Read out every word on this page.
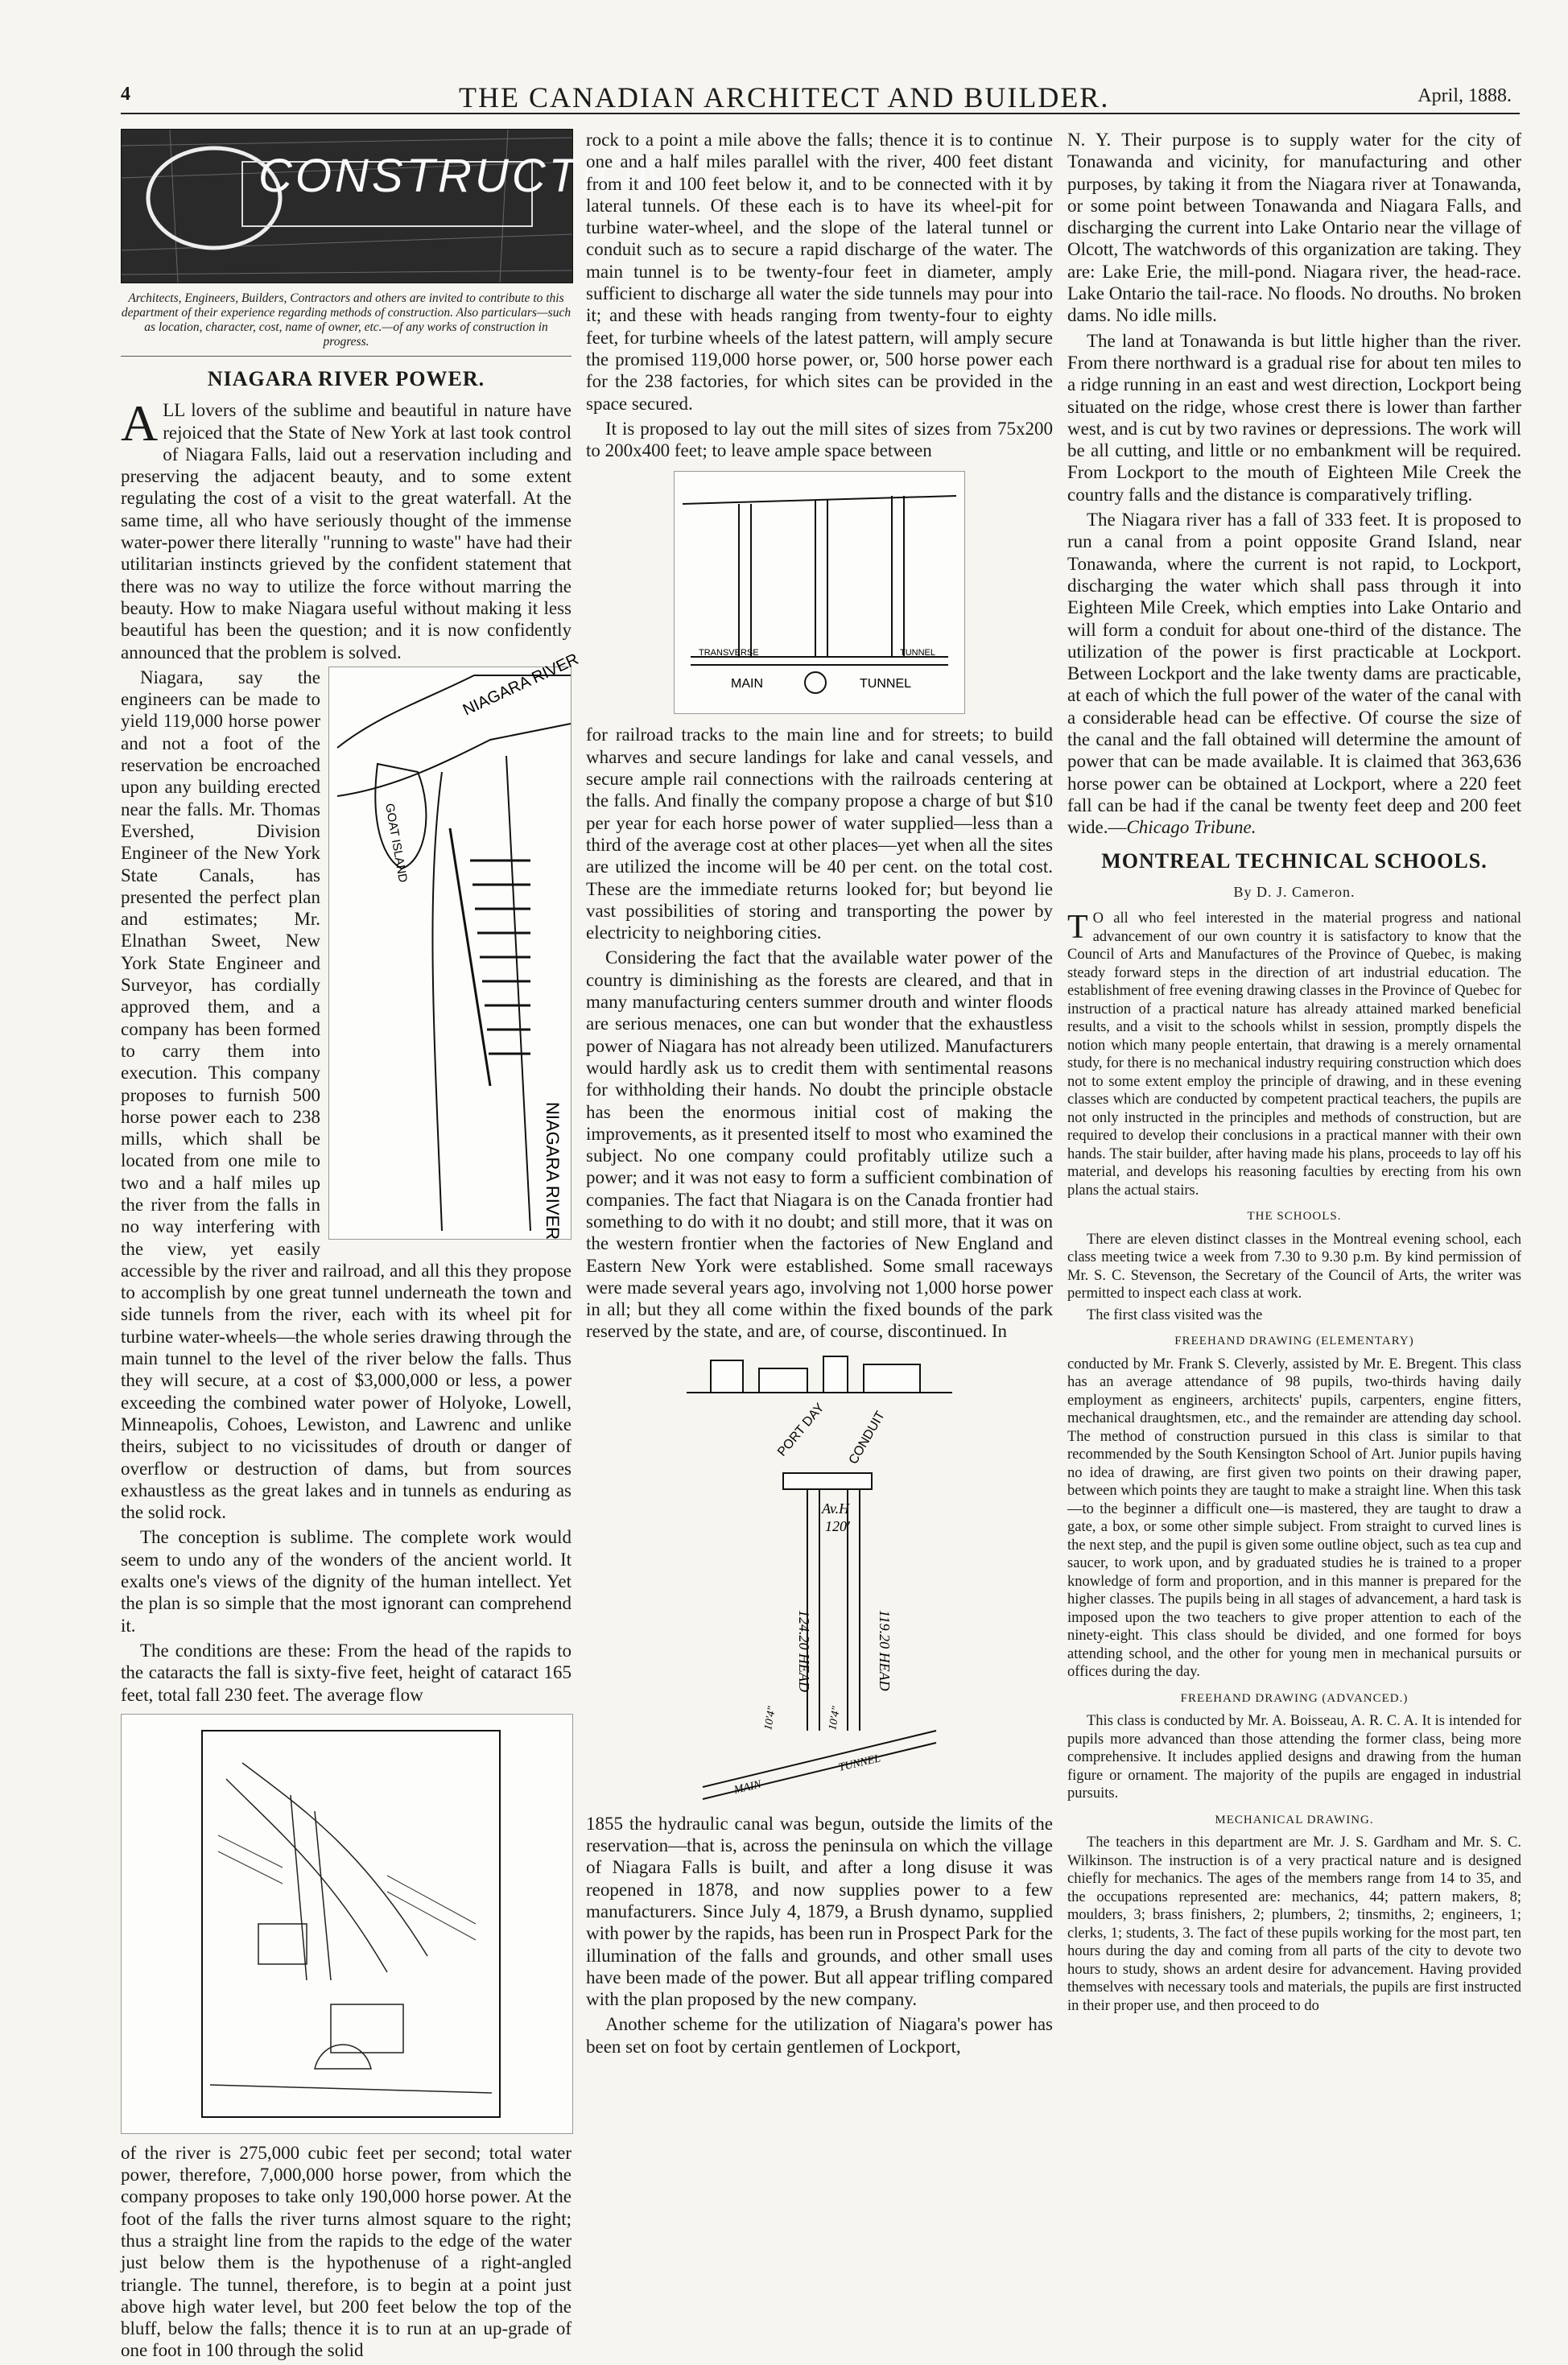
4	THE CANADIAN ARCHITECT AND BUILDER.	April, 1888.
CONSTRUCTION
Architects, Engineers, Builders, Contractors and others are invited to contribute to this department of their experience regarding methods of construction. Also particulars—such as location, character, cost, name of owner, etc.—of any works of construction in progress.
NIAGARA RIVER POWER.

ALL lovers of the sublime and beautiful in nature have rejoiced that the State of New York at last took control of Niagara Falls, laid out a reservation including and preserving the adjacent beauty, and to some extent regulating the cost of a visit to the great waterfall. At the same time, all who have seriously thought of the immense water-power there literally "running to waste" have had their utilitarian instincts grieved by the confident statement that there was no way to utilize the force without marring the beauty. How to make Niagara useful without making it less beautiful has been the question; and it is now confidently announced that the problem is solved.	NIAGARA RIVER
GOAT ISLAND
NIAGARA RIVER

Niagara, say the engineers can be made to yield 119,000 horse power and not a foot of the reservation be encroached upon any building erected near the falls. Mr. Thomas Evershed, Division Engineer of the New York State Canals, has presented the perfect plan and estimates; Mr. Elnathan Sweet, New York State Engineer and Surveyor, has cordially approved them, and a company has been formed to carry them into execution. This company proposes to furnish 500 horse power each to 238 mills, which shall be located from one mile to two and a half miles up the river from the falls in no way interfering with the view, yet easily accessible by the river and railroad, and all this they propose to accomplish by one great tunnel underneath the town and side tunnels from the river, each with its wheel pit for turbine water-wheels—the whole series drawing through the main tunnel to the level of the river below the falls. Thus they will secure, at a cost of $3,000,000 or less, a power exceeding the combined water power of Holyoke, Lowell, Minneapolis, Cohoes, Lewiston, and Lawrenc and unlike theirs, subject to no vicissitudes of drouth or danger of overflow or destruction of dams, but from sources exhaustless as the great lakes and in tunnels as enduring as the solid rock.

The conception is sublime. The complete work would seem to undo any of the wonders of the ancient world. It exalts one's views of the dignity of the human intellect. Yet the plan is so simple that the most ignorant can comprehend it.

The conditions are these: From the head of the rapids to the cataracts the fall is sixty-five feet, height of cataract 165 feet, total fall 230 feet. The average flow

of the river is 275,000 cubic feet per second; total water power, therefore, 7,000,000 horse power, from which the company proposes to take only 190,000 horse power. At the foot of the falls the river turns almost square to the right; thus a straight line from the rapids to the edge of the water just below them is the hypothenuse of a right-angled triangle. The tunnel, therefore, is to begin at a point just above high water level, but 200 feet below the top of the bluff, below the falls; thence it is to run at an up-grade of one foot in 100 through the solid

rock to a point a mile above the falls; thence it is to continue one and a half miles parallel with the river, 400 feet distant from it and 100 feet below it, and to be connected with it by lateral tunnels. Of these each is to have its wheel-pit for turbine water-wheel, and the slope of the lateral tunnel or conduit such as to secure a rapid discharge of the water. The main tunnel is to be twenty-four feet in diameter, amply sufficient to discharge all water the side tunnels may pour into it; and these with heads ranging from twenty-four to eighty feet, for turbine wheels of the latest pattern, will amply secure the promised 119,000 horse power, or, 500 horse power each for the 238 factories, for which sites can be provided in the space secured.

It is proposed to lay out the mill sites of sizes from 75x200 to 200x400 feet; to leave ample space between

TRANSVERSE	TUNNEL
MAIN	TUNNEL

for railroad tracks to the main line and for streets; to build wharves and secure landings for lake and canal vessels, and secure ample rail connections with the railroads centering at the falls. And finally the company propose a charge of but $10 per year for each horse power of water supplied—less than a third of the average cost at other places—yet when all the sites are utilized the income will be 40 per cent. on the total cost. These are the immediate returns looked for; but beyond lie vast possibilities of storing and transporting the power by electricity to neighboring cities.

Considering the fact that the available water power of the country is diminishing as the forests are cleared, and that in many manufacturing centers summer drouth and winter floods are serious menaces, one can but wonder that the exhaustless power of Niagara has not already been utilized. Manufacturers would hardly ask us to credit them with sentimental reasons for withholding their hands. No doubt the principle obstacle has been the enormous initial cost of making the improvements, as it presented itself to most who examined the subject. No one company could profitably utilize such a power; and it was not easy to form a sufficient combination of companies. The fact that Niagara is on the Canada frontier had something to do with it no doubt; and still more, that it was on the western frontier when the factories of New England and Eastern New York were established. Some small raceways were made several years ago, involving not 1,000 horse power in all; but they all come within the fixed bounds of the park reserved by the state, and are, of course, discontinued. In

PORT DAY CONDUIT
Av.H
120'
124.20 HEAD	119.20 HEAD
10'4"	10'4"
MAIN
TUNNEL

1855 the hydraulic canal was begun, outside the limits of the reservation—that is, across the peninsula on which the village of Niagara Falls is built, and after a long disuse it was reopened in 1878, and now supplies power to a few manufacturers. Since July 4, 1879, a Brush dynamo, supplied with power by the rapids, has been run in Prospect Park for the illumination of the falls and grounds, and other small uses have been made of the power. But all appear trifling compared with the plan proposed by the new company.

Another scheme for the utilization of Niagara's power has been set on foot by certain gentlemen of Lockport,

N. Y. Their purpose is to supply water for the city of Tonawanda and vicinity, for manufacturing and other purposes, by taking it from the Niagara river at Tonawanda, or some point between Tonawanda and Niagara Falls, and discharging the current into Lake Ontario near the village of Olcott, The watchwords of this organization are taking. They are: Lake Erie, the mill-pond. Niagara river, the head-race. Lake Ontario the tail-race. No floods. No drouths. No broken dams. No idle mills.

The land at Tonawanda is but little higher than the river. From there northward is a gradual rise for about ten miles to a ridge running in an east and west direction, Lockport being situated on the ridge, whose crest there is lower than farther west, and is cut by two ravines or depressions. The work will be all cutting, and little or no embankment will be required. From Lockport to the mouth of Eighteen Mile Creek the country falls and the distance is comparatively trifling.

The Niagara river has a fall of 333 feet. It is proposed to run a canal from a point opposite Grand Island, near Tonawanda, where the current is not rapid, to Lockport, discharging the water which shall pass through it into Eighteen Mile Creek, which empties into Lake Ontario and will form a conduit for about one-third of the distance. The utilization of the power is first practicable at Lockport. Between Lockport and the lake twenty dams are practicable, at each of which the full power of the water of the canal with a considerable head can be effective. Of course the size of the canal and the fall obtained will determine the amount of power that can be made available. It is claimed that 363,636 horse power can be obtained at Lockport, where a 220 feet fall can be had if the canal be twenty feet deep and 200 feet wide.—Chicago Tribune.

MONTREAL TECHNICAL SCHOOLS.
By D. J. Cameron.

T O all who feel interested in the material progress and national advancement of our own country it is satisfactory to know that the Council of Arts and Manufactures of the Province of Quebec, is making steady forward steps in the direction of art industrial education. The establishment of free evening drawing classes in the Province of Quebec for instruction of a practical nature has already attained marked beneficial results, and a visit to the schools whilst in session, promptly dispels the notion which many people entertain, that drawing is a merely ornamental study, for there is no mechanical industry requiring construction which does not to some extent employ the principle of drawing, and in these evening classes which are conducted by competent practical teachers, the pupils are not only instructed in the principles and methods of construction, but are required to develop their conclusions in a practical manner with their own hands. The stair builder, after having made his plans, proceeds to lay off his material, and develops his reasoning faculties by erecting from his own plans the actual stairs.

THE SCHOOLS.

There are eleven distinct classes in the Montreal evening school, each class meeting twice a week from 7.30 to 9.30 p.m. By kind permission of Mr. S. C. Stevenson, the Secretary of the Council of Arts, the writer was permitted to inspect each class at work.

The first class visited was the

FREEHAND DRAWING (ELEMENTARY)

conducted by Mr. Frank S. Cleverly, assisted by Mr. E. Bregent. This class has an average attendance of 98 pupils, two-thirds having daily employment as engineers, architects' pupils, carpenters, engine fitters, mechanical draughtsmen, etc., and the remainder are attending day school. The method of construction pursued in this class is similar to that recommended by the South Kensington School of Art. Junior pupils having no idea of drawing, are first given two points on their drawing paper, between which points they are taught to make a straight line. When this task—to the beginner a difficult one—is mastered, they are taught to draw a gate, a box, or some other simple subject. From straight to curved lines is the next step, and the pupil is given some outline object, such as tea cup and saucer, to work upon, and by graduated studies he is trained to a proper knowledge of form and proportion, and in this manner is prepared for the higher classes. The pupils being in all stages of advancement, a hard task is imposed upon the two teachers to give proper attention to each of the ninety-eight. This class should be divided, and one formed for boys attending school, and the other for young men in mechanical pursuits or offices during the day.

FREEHAND DRAWING (ADVANCED.)

This class is conducted by Mr. A. Boisseau, A. R. C. A. It is intended for pupils more advanced than those attending the former class, being more comprehensive. It includes applied designs and drawing from the human figure or ornament. The majority of the pupils are engaged in industrial pursuits.

MECHANICAL DRAWING.

The teachers in this department are Mr. J. S. Gardham and Mr. S. C. Wilkinson. The instruction is of a very practical nature and is designed chiefly for mechanics. The ages of the members range from 14 to 35, and the occupations represented are: mechanics, 44; pattern makers, 8; moulders, 3; brass finishers, 2; plumbers, 2; tinsmiths, 2; engineers, 1; clerks, 1; students, 3. The fact of these pupils working for the most part, ten hours during the day and coming from all parts of the city to devote two hours to study, shows an ardent desire for advancement. Having provided themselves with necessary tools and materials, the pupils are first instructed in their proper use, and then proceed to do
